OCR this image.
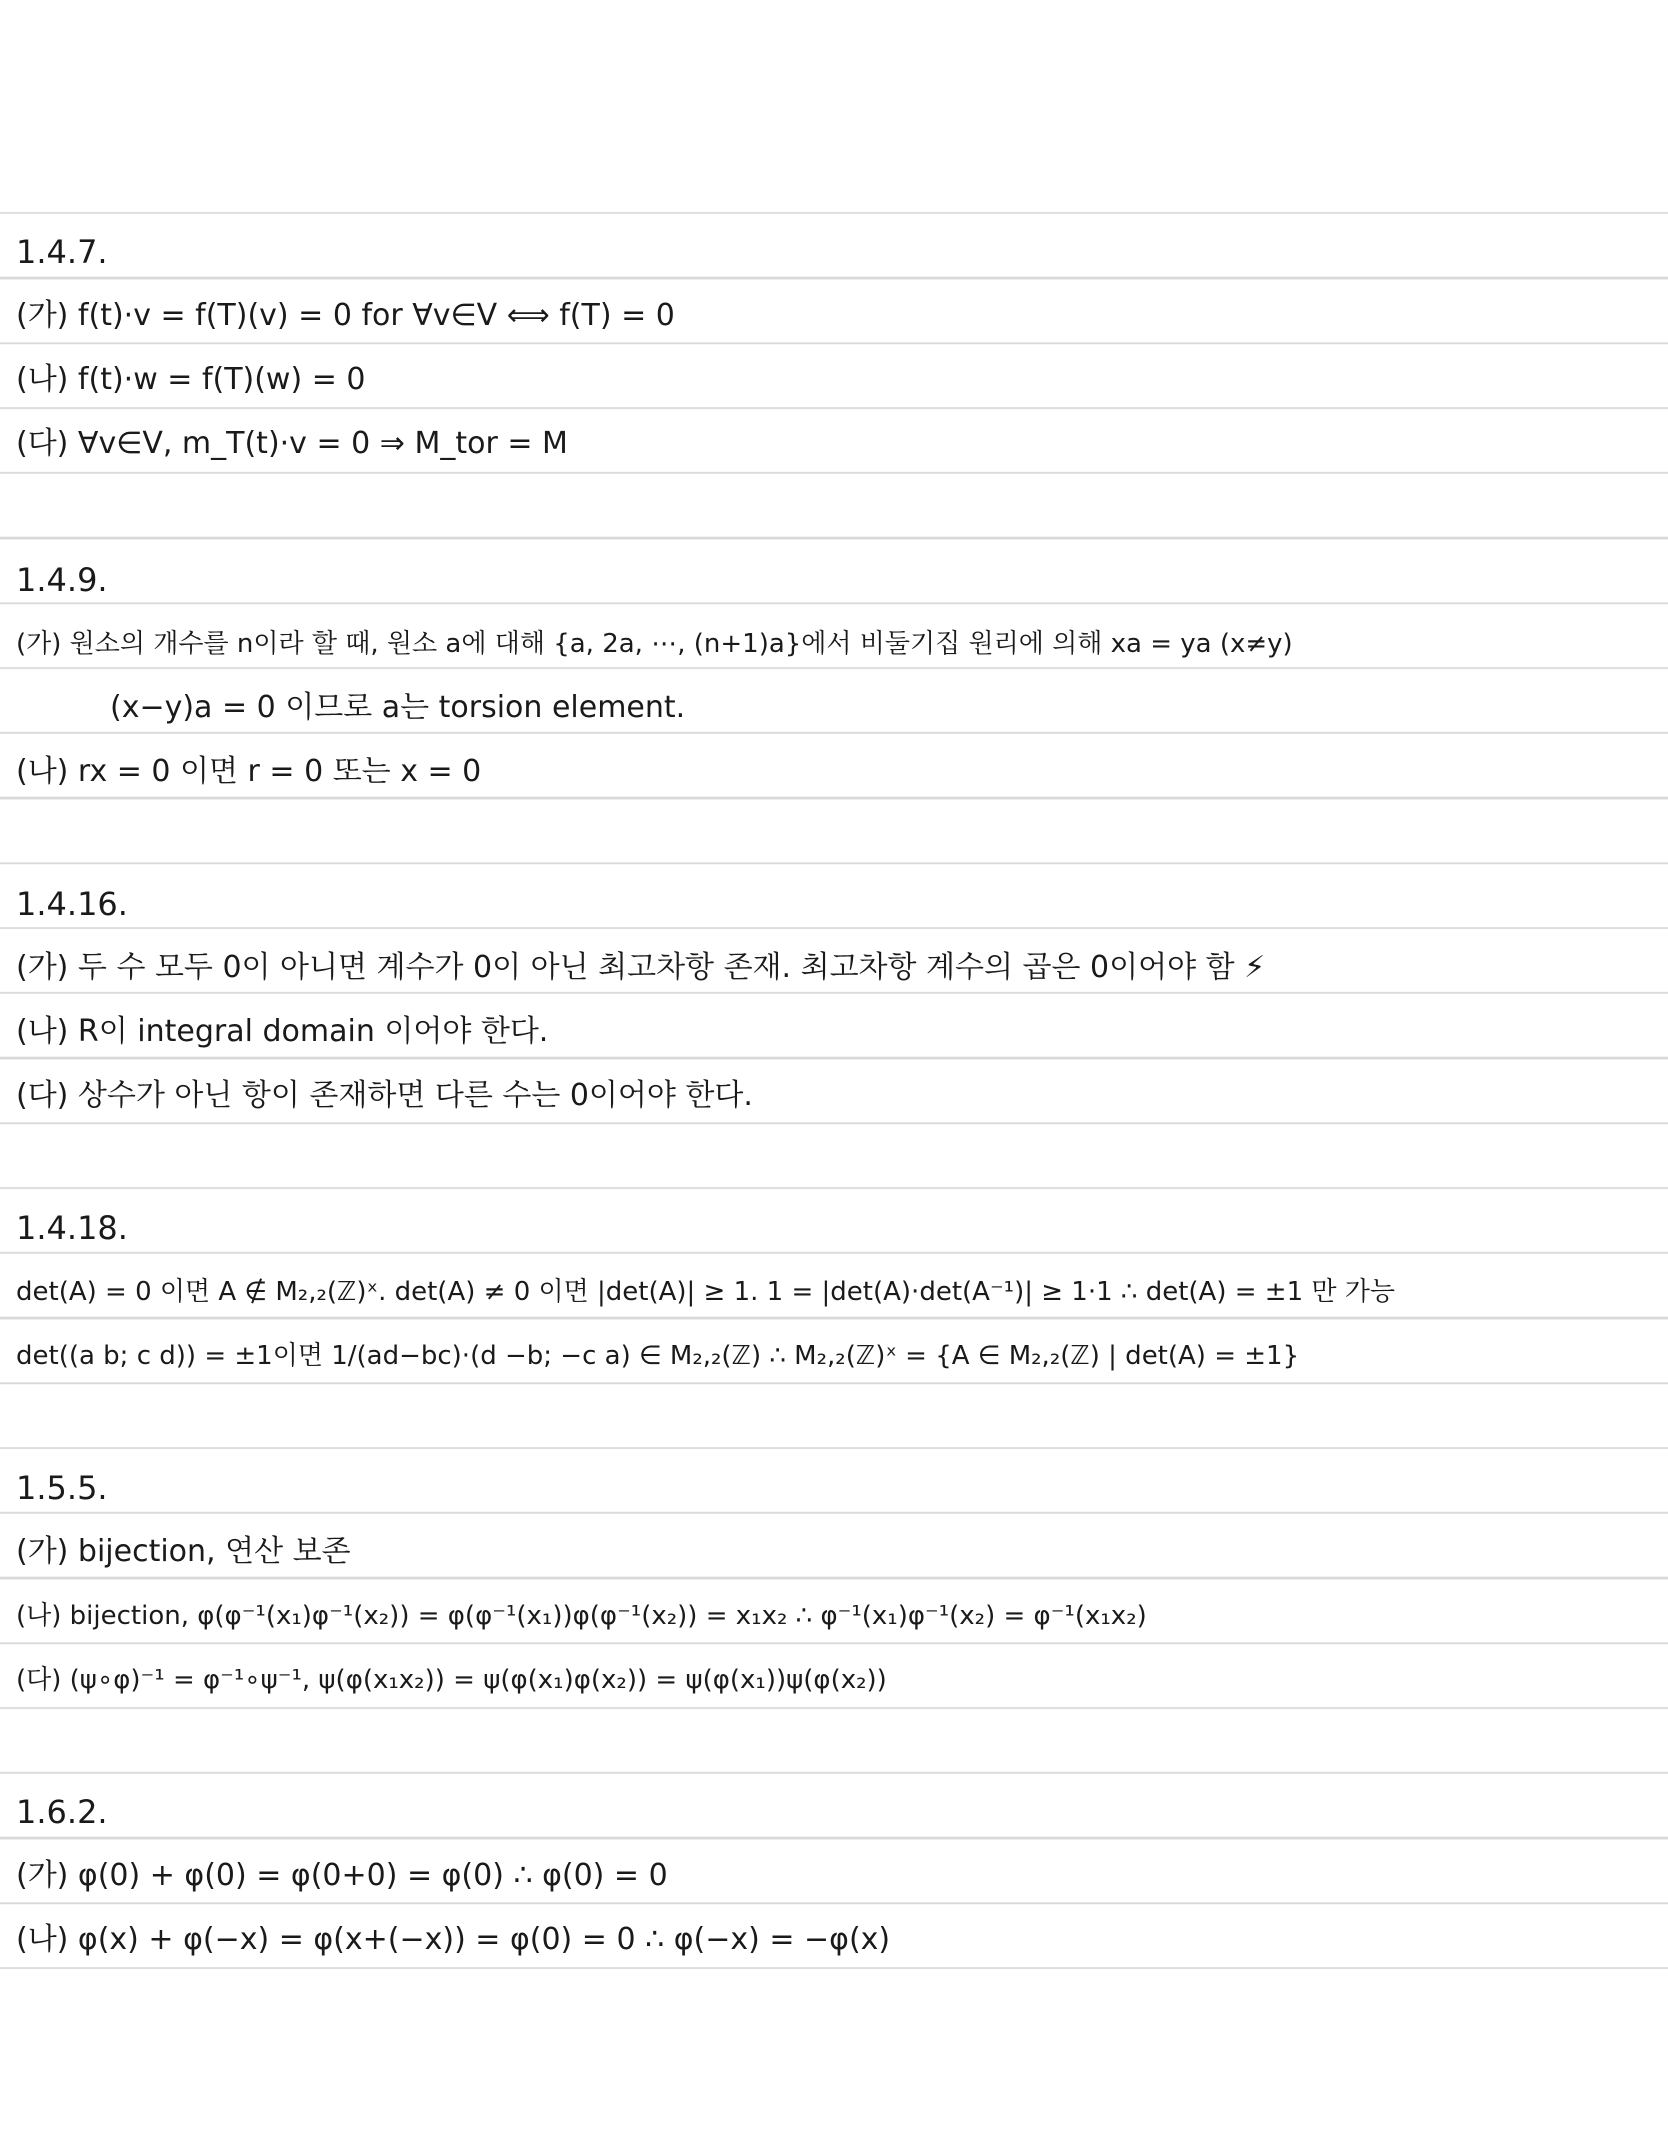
1.4.7.
(가) f(t)·v = f(T)(v) = 0 for ∀v∈V ⟺ f(T) = 0
(나) f(t)·w = f(T)(w) = 0
(다) ∀v∈V, m_T(t)·v = 0 ⇒ M_tor = M
1.4.9.
(가) 원소의 개수를 n이라 할 때, 원소 a에 대해 {a, 2a, ⋯, (n+1)a}에서 비둘기집 원리에 의해 xa = ya (x≠y)
(x−y)a = 0 이므로 a는 torsion element.
(나) rx = 0 이면 r = 0 또는 x = 0
1.4.16.
(가) 두 수 모두 0이 아니면 계수가 0이 아닌 최고차항 존재. 최고차항 계수의 곱은 0이어야 함 ⚡
(나) R이 integral domain 이어야 한다.
(다) 상수가 아닌 항이 존재하면 다른 수는 0이어야 한다.
1.4.18.
det(A) = 0 이면 A ∉ M₂,₂(ℤ)ˣ. det(A) ≠ 0 이면 |det(A)| ≥ 1. 1 = |det(A)·det(A⁻¹)| ≥ 1·1 ∴ det(A) = ±1 만 가능
det((a b; c d)) = ±1이면 1/(ad−bc)·(d −b; −c a) ∈ M₂,₂(ℤ) ∴ M₂,₂(ℤ)ˣ = {A ∈ M₂,₂(ℤ) | det(A) = ±1}
1.5.5.
(가) bijection, 연산 보존
(나) bijection, φ(φ⁻¹(x₁)φ⁻¹(x₂)) = φ(φ⁻¹(x₁))φ(φ⁻¹(x₂)) = x₁x₂ ∴ φ⁻¹(x₁)φ⁻¹(x₂) = φ⁻¹(x₁x₂)
(다) (ψ∘φ)⁻¹ = φ⁻¹∘ψ⁻¹, ψ(φ(x₁x₂)) = ψ(φ(x₁)φ(x₂)) = ψ(φ(x₁))ψ(φ(x₂))
1.6.2.
(가) φ(0) + φ(0) = φ(0+0) = φ(0) ∴ φ(0) = 0
(나) φ(x) + φ(−x) = φ(x+(−x)) = φ(0) = 0 ∴ φ(−x) = −φ(x)
